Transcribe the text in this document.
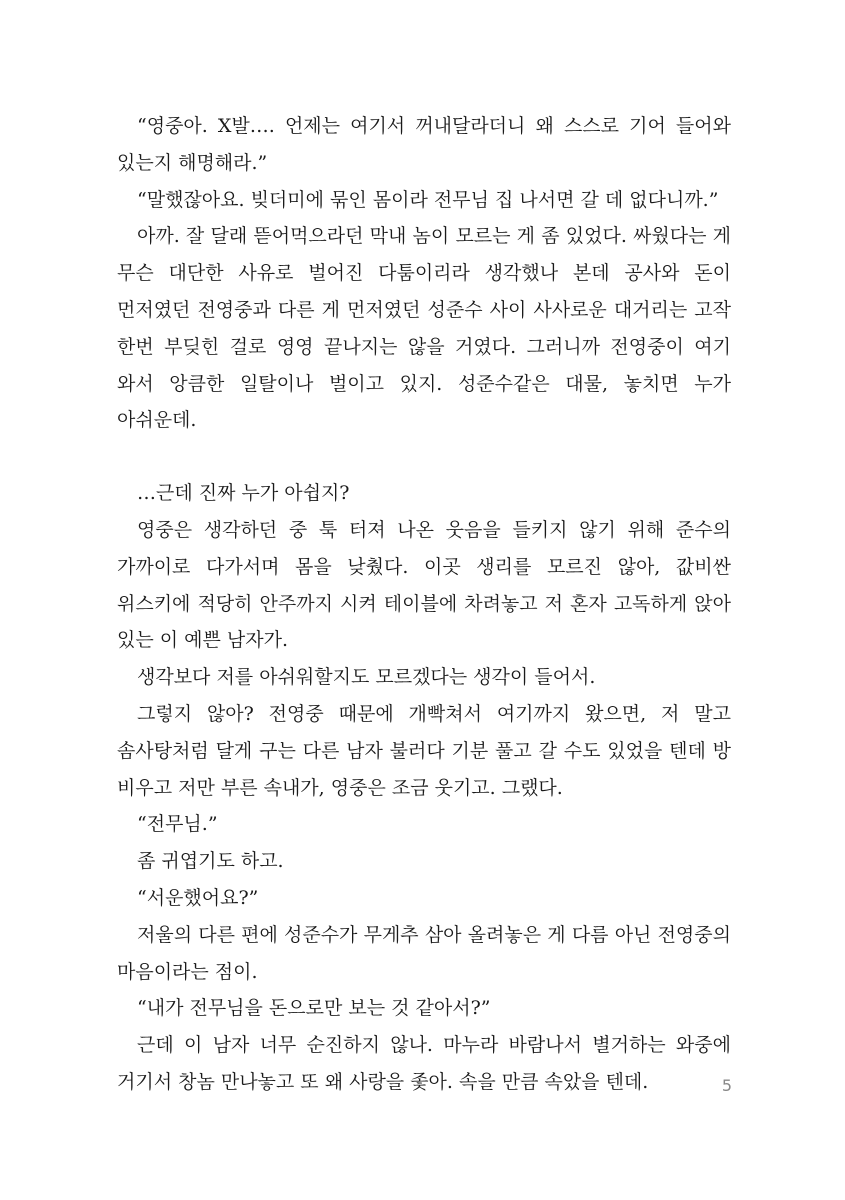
“영중아. X발…. 언제는 여기서 꺼내달라더니 왜 스스로 기어 들어와 있는지 해명해라.”

“말했잖아요. 빚더미에 묶인 몸이라 전무님 집 나서면 갈 데 없다니까.”

아까. 잘 달래 뜯어먹으라던 막내 놈이 모르는 게 좀 있었다. 싸웠다는 게 무슨 대단한 사유로 벌어진 다툼이리라 생각했나 본데 공사와 돈이 먼저였던 전영중과 다른 게 먼저였던 성준수 사이 사사로운 대거리는 고작 한번 부딪힌 걸로 영영 끝나지는 않을 거였다. 그러니까 전영중이 여기 와서 앙큼한 일탈이나 벌이고 있지. 성준수같은 대물, 놓치면 누가 아쉬운데.

…근데 진짜 누가 아쉽지?

영중은 생각하던 중 툭 터져 나온 웃음을 들키지 않기 위해 준수의 가까이로 다가서며 몸을 낮췄다. 이곳 생리를 모르진 않아, 값비싼 위스키에 적당히 안주까지 시켜 테이블에 차려놓고 저 혼자 고독하게 앉아 있는 이 예쁜 남자가.

생각보다 저를 아쉬워할지도 모르겠다는 생각이 들어서.

그렇지 않아? 전영중 때문에 개빡쳐서 여기까지 왔으면, 저 말고 솜사탕처럼 달게 구는 다른 남자 불러다 기분 풀고 갈 수도 있었을 텐데 방 비우고 저만 부른 속내가, 영중은 조금 웃기고. 그랬다.

“전무님.”

좀 귀엽기도 하고.

“서운했어요?”

저울의 다른 편에 성준수가 무게추 삼아 올려놓은 게 다름 아닌 전영중의 마음이라는 점이.

“내가 전무님을 돈으로만 보는 것 같아서?”

근데 이 남자 너무 순진하지 않나. 마누라 바람나서 별거하는 와중에 거기서 창놈 만나놓고 또 왜 사랑을 좇아. 속을 만큼 속았을 텐데.	5
